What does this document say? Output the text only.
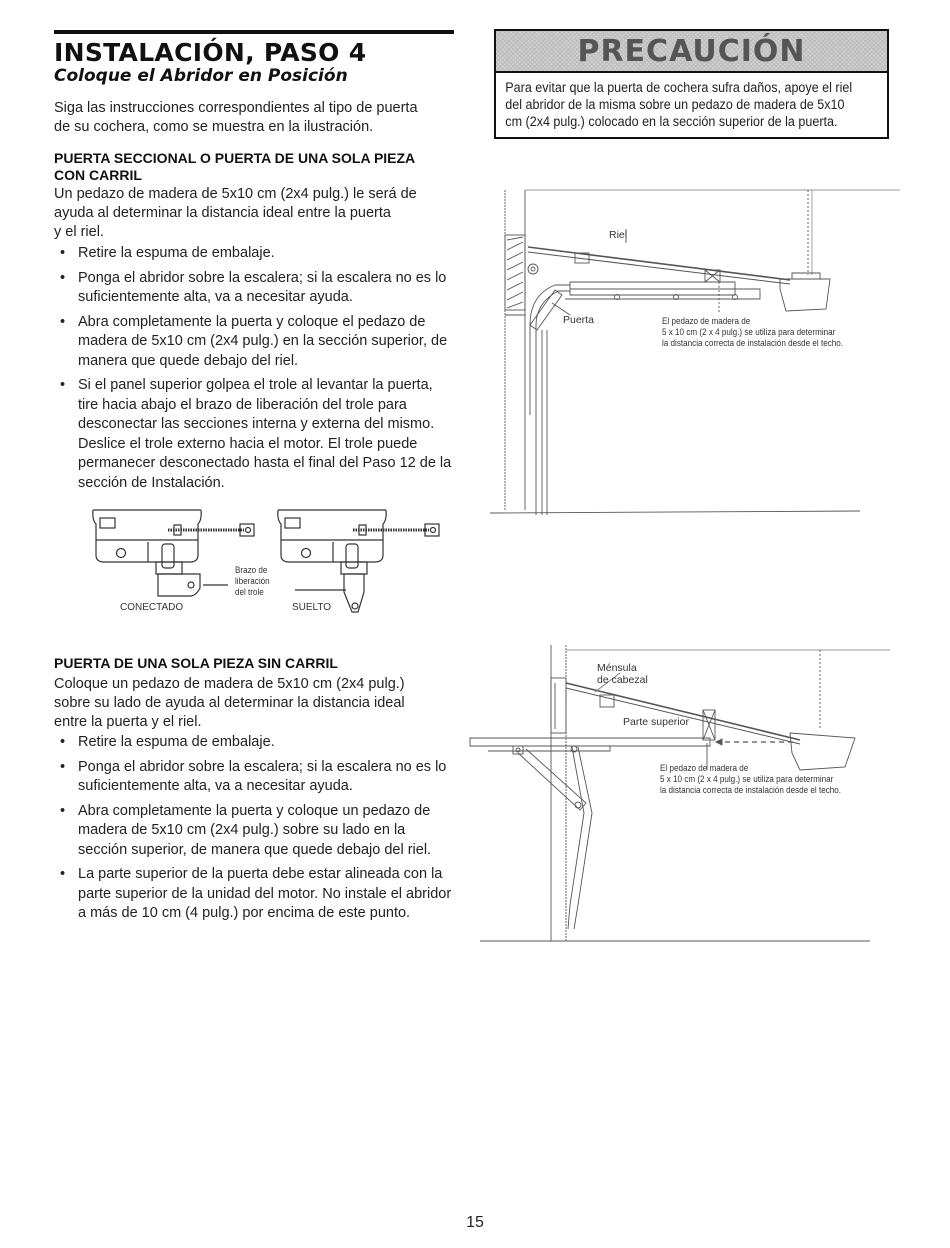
INSTALACIÓN, PASO 4
Coloque el Abridor en Posición
Siga las instrucciones correspondientes al tipo de puerta
de su cochera, como se muestra en la ilustración.
PUERTA SECCIONAL O PUERTA DE UNA SOLA PIEZA
CON CARRIL
Un pedazo de madera de 5x10 cm (2x4 pulg.) le será de
ayuda al determinar la distancia ideal entre la puerta
y el riel.
• Retire la espuma de embalaje.
• Ponga el abridor sobre la escalera; si la escalera no es lo suficientemente alta, va a necesitar ayuda.
• Abra completamente la puerta y coloque el pedazo de madera de 5x10 cm (2x4 pulg.) en la sección superior, de manera que quede debajo del riel.
• Si el panel superior golpea el trole al levantar la puerta, tire hacia abajo el brazo de liberación del trole para desconectar las secciones interna y externa del mismo. Deslice el trole externo hacia el motor. El trole puede permanecer desconectado hasta el final del Paso 12 de la sección de Instalación.
Brazo de
liberación
del trole
CONECTADO	SUELTO
PRECAUCIÓN
Para evitar que la puerta de cochera sufra daños, apoye el riel
del abridor de la misma sobre un pedazo de madera de 5x10
cm (2x4 pulg.) colocado en la sección superior de la puerta.
Riel
Puerta	El pedazo de madera de
5 x 10 cm (2 x 4 pulg.) se utiliza para determinar
la distancia correcta de instalación desde el techo.
PUERTA DE UNA SOLA PIEZA SIN CARRIL
Coloque un pedazo de madera de 5x10 cm (2x4 pulg.)
sobre su lado de ayuda al determinar la distancia ideal
entre la puerta y el riel.
• Retire la espuma de embalaje.
• Ponga el abridor sobre la escalera; si la escalera no es lo suficientemente alta, va a necesitar ayuda.
• Abra completamente la puerta y coloque un pedazo de madera de 5x10 cm (2x4 pulg.) sobre su lado en la sección superior, de manera que quede debajo del riel.
• La parte superior de la puerta debe estar alineada con la parte superior de la unidad del motor. No instale el abridor a más de 10 cm (4 pulg.) por encima de este punto.
Ménsula
de cabezal
Parte superior
El pedazo de madera de
5 x 10 cm (2 x 4 pulg.) se utiliza para determinar
la distancia correcta de instalación desde el techo.
15
